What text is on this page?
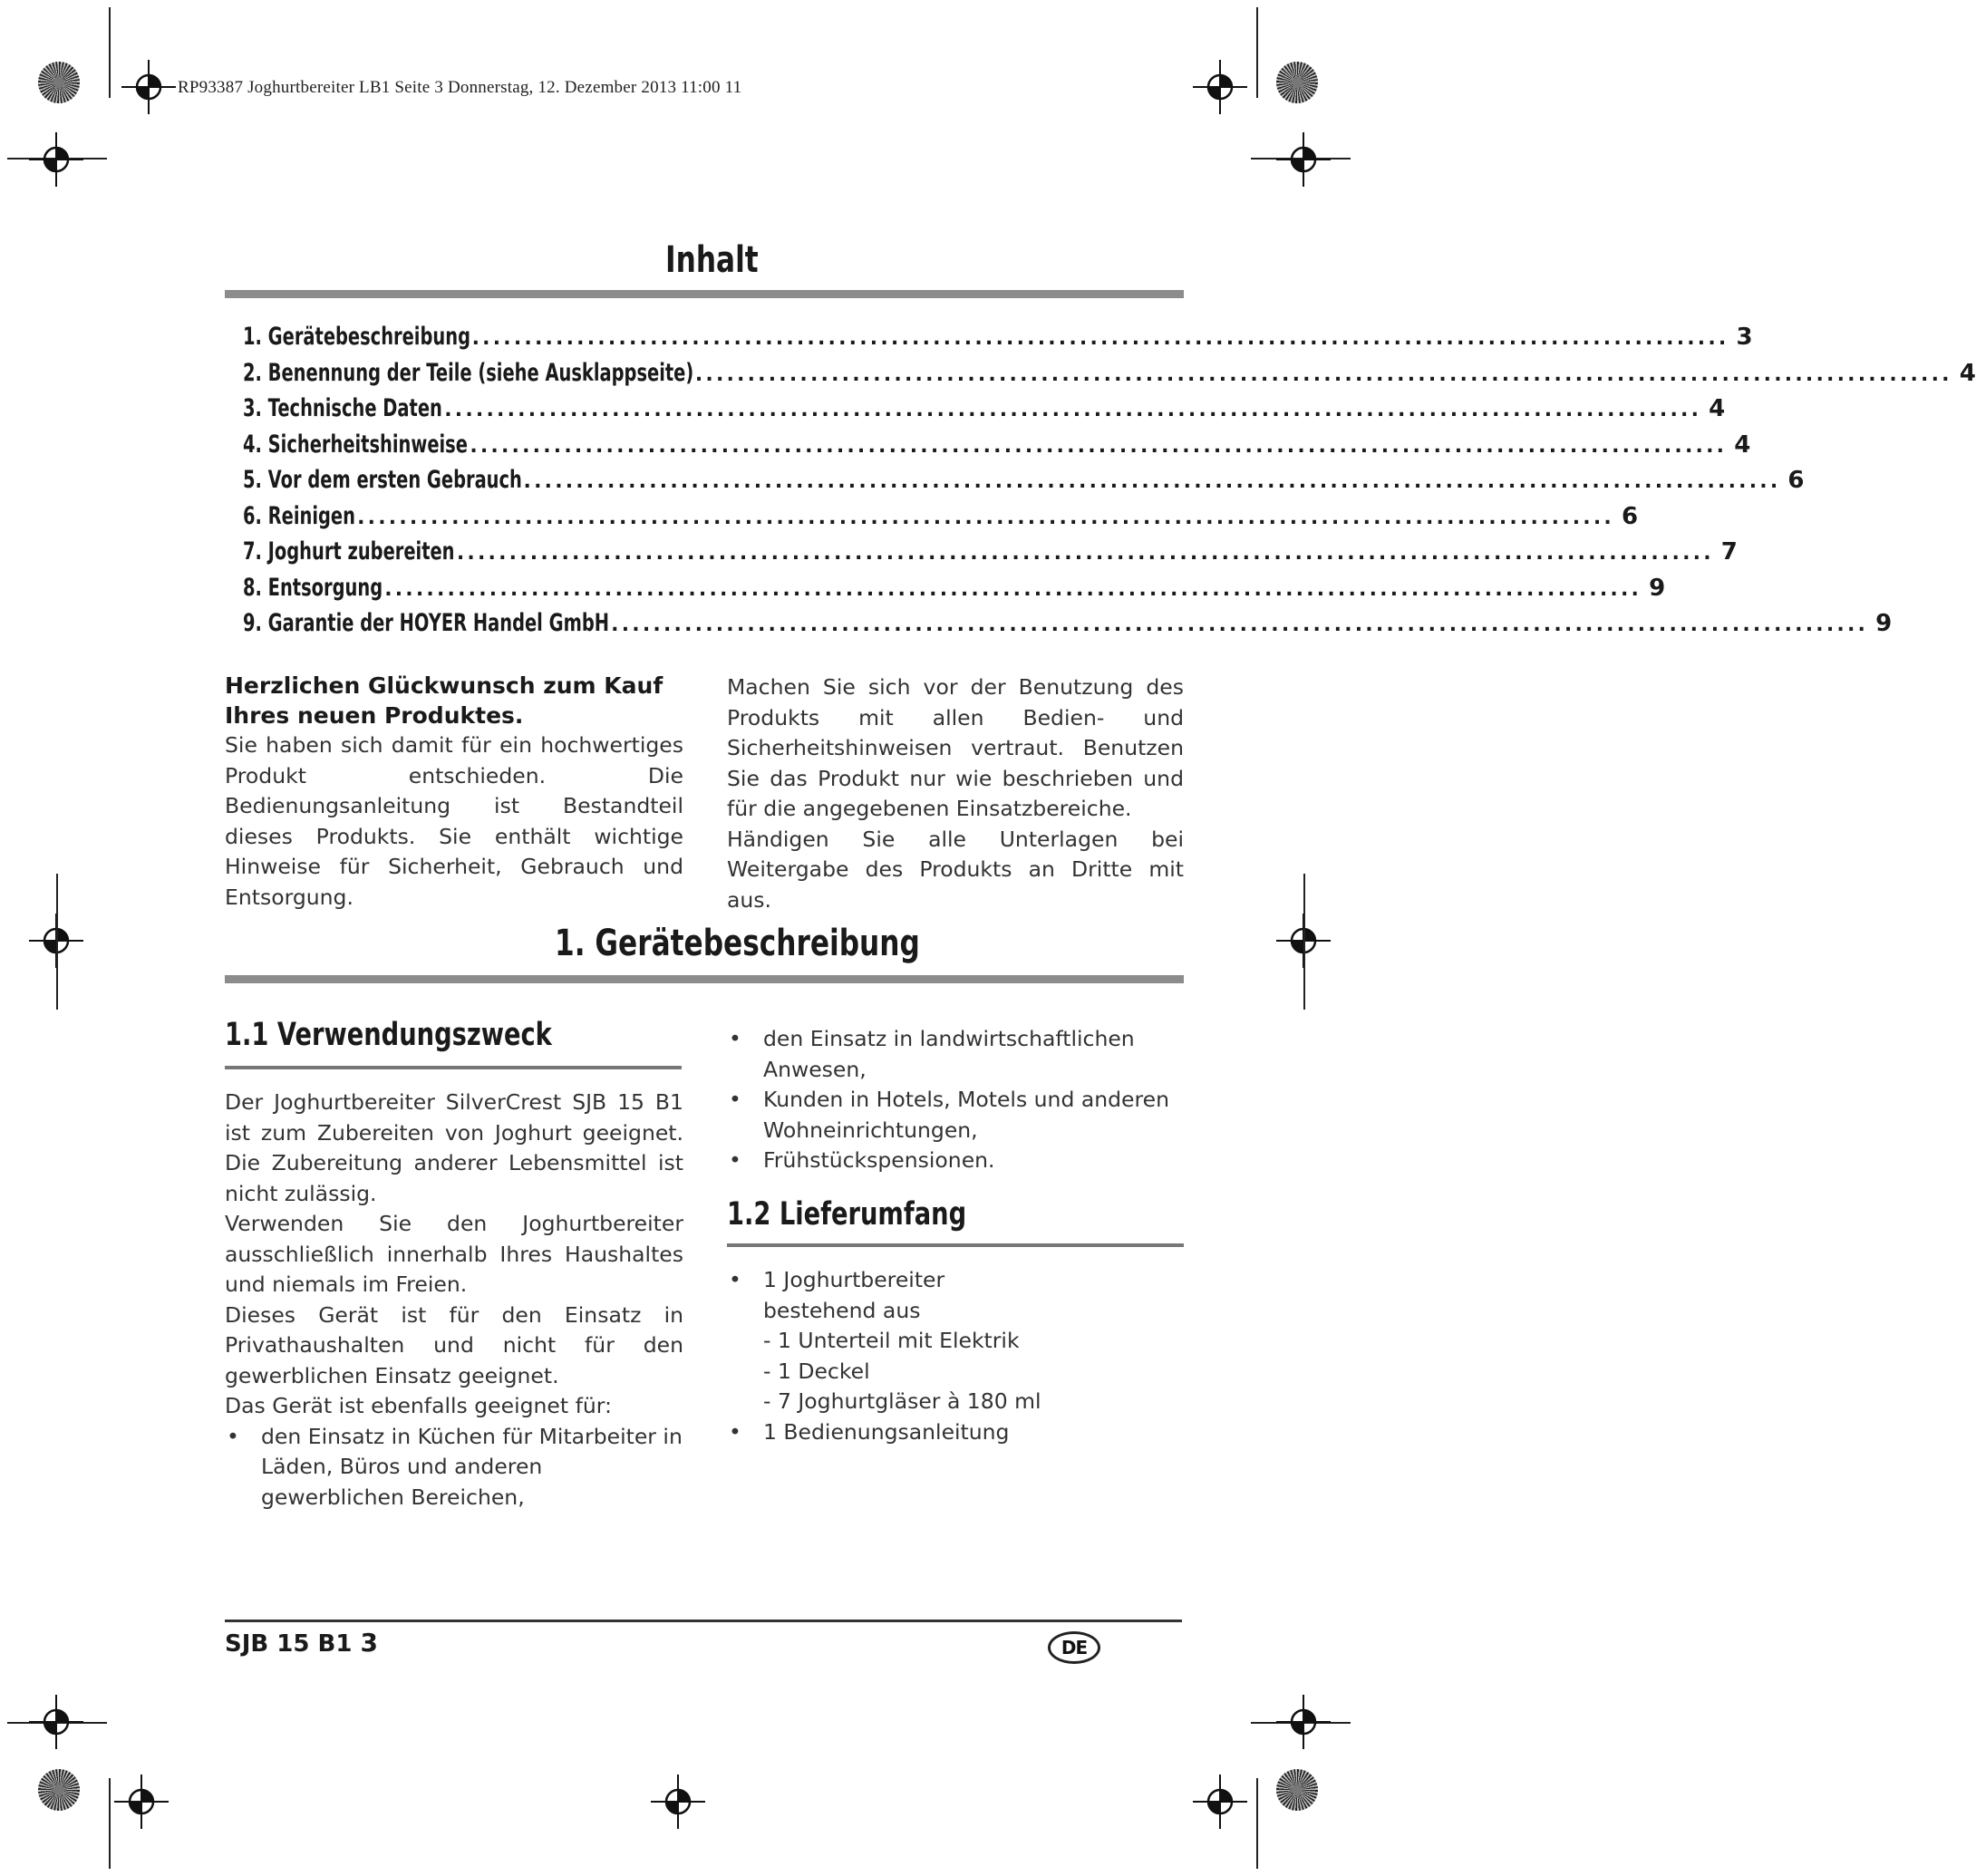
RP93387 Joghurtbereiter LB1 Seite 3 Donnerstag, 12. Dezember 2013 11:00 11
Inhalt
1. Gerätebeschreibung ........................................................................................................................ 3
2. Benennung der Teile (siehe Ausklappseite) ........................................................................................................................ 4
3. Technische Daten ........................................................................................................................ 4
4. Sicherheitshinweise ........................................................................................................................ 4
5. Vor dem ersten Gebrauch ........................................................................................................................ 6
6. Reinigen ........................................................................................................................ 6
7. Joghurt zubereiten ........................................................................................................................ 7
8. Entsorgung ........................................................................................................................ 9
9. Garantie der HOYER Handel GmbH ........................................................................................................................ 9

Herzlichen Glückwunsch zum Kauf Ihres neuen Produktes.

Sie haben sich damit für ein hochwertiges Produkt entschieden. Die Bedienungsanleitung ist Bestandteil dieses Produkts. Sie enthält wichtige Hinweise für Sicherheit, Gebrauch und Entsorgung.

Machen Sie sich vor der Benutzung des Produkts mit allen Bedien- und Sicherheitshinweisen vertraut. Benutzen Sie das Produkt nur wie beschrieben und für die angegebenen Einsatzbereiche.

Händigen Sie alle Unterlagen bei Weitergabe des Produkts an Dritte mit aus.

1. Gerätebeschreibung
1.1 Verwendungszweck

Der Joghurtbereiter SilverCrest SJB 15 B1 ist zum Zubereiten von Joghurt geeignet. Die Zubereitung anderer Lebensmittel ist nicht zulässig.

Verwenden Sie den Joghurtbereiter ausschließlich innerhalb Ihres Haushaltes und niemals im Freien.

Dieses Gerät ist für den Einsatz in Privathaushalten und nicht für den gewerblichen Einsatz geeignet.

Das Gerät ist ebenfalls geeignet für:

• den Einsatz in Küchen für Mitarbeiter in Läden, Büros und anderen gewerblichen Bereichen,
• den Einsatz in landwirtschaftlichen Anwesen,
• Kunden in Hotels, Motels und anderen Wohneinrichtungen,
• Frühstückspensionen.
1.2 Lieferumfang
• 1 Joghurtbereiter
bestehend aus
- 1 Unterteil mit Elektrik
- 1 Deckel
- 7 Joghurtgläser à 180 ml
• 1 Bedienungsanleitung
SJB 15 B1 3	DE
